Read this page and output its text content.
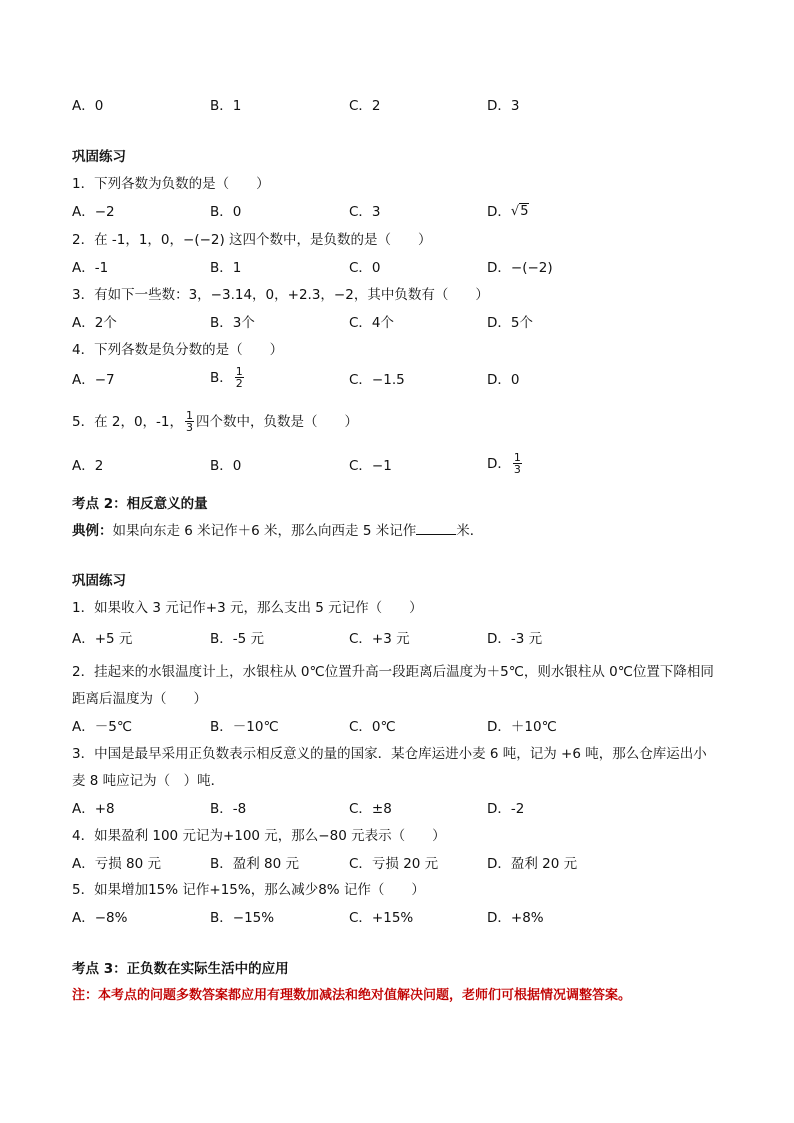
A．0	B．1	C．2	D．3
巩固练习
1．下列各数为负数的是（　　）
A．−2	B．0	C．3	D． √5
2．在 -1，1，0，−(−2) 这四个数中，是负数的是（　　）
A．-1	B．1	C．0	D．−(−2)
3．有如下一些数：3，−3.14，0，+2.3，−2，其中负数有（　　）
A．2个	B．3个	C．4个	D．5个
4．下列各数是负分数的是（　　）
A．−7	B． $\frac{1}{2}$	C．−1.5	D．0
5．在 2，0，-1， $\frac{1}{3}$ 四个数中，负数是（　　）
A．2	B．0	C．−1	D． $\frac{1}{3}$
考点 2：相反意义的量
典例：如果向东走 6 米记作＋6 米，那么向西走 5 米记作	米．
巩固练习
1．如果收入 3 元记作+3 元，那么支出 5 元记作（　　）
A．+5 元	B．-5 元	C．+3 元	D．-3 元
2．挂起来的水银温度计上，水银柱从 0℃位置升高一段距离后温度为＋5℃，则水银柱从 0℃位置下降相同
距离后温度为（　　）
A．－5℃	B．－10℃	C．0℃	D．＋10℃
3．中国是最早采用正负数表示相反意义的量的国家．某仓库运进小麦 6 吨，记为 +6 吨，那么仓库运出小
麦 8 吨应记为（　）吨．
A．+8	B．-8	C．±8	D．-2
4．如果盈利 100 元记为+100 元，那么−80 元表示（　　）
A．亏损 80 元	B．盈利 80 元	C．亏损 20 元	D．盈利 20 元
5．如果增加15% 记作+15%，那么减少8% 记作（　　）
A．−8%	B．−15%	C．+15%	D．+8%
考点 3：正负数在实际生活中的应用
注：本考点的问题多数答案都应用有理数加减法和绝对值解决问题，老师们可根据情况调整答案。
